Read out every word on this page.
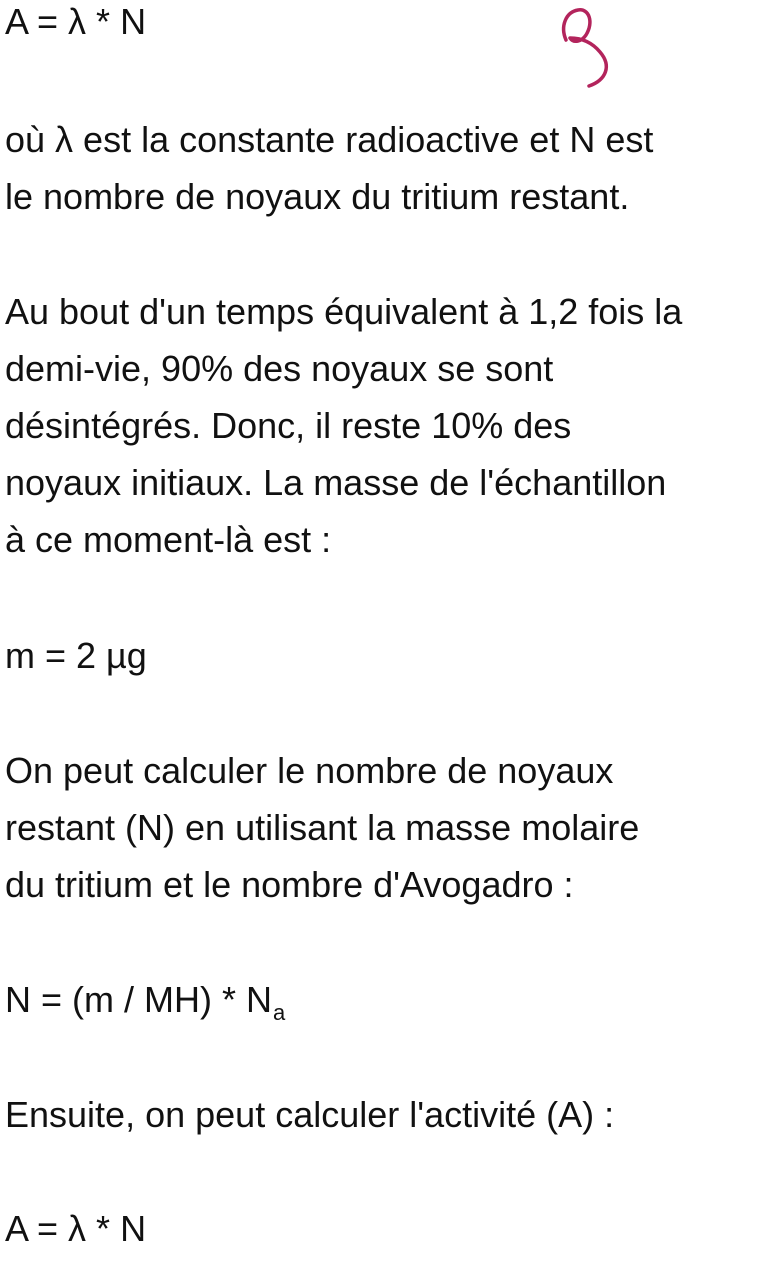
A = λ * N
où λ est la constante radioactive et N est
le nombre de noyaux du tritium restant.
Au bout d'un temps équivalent à 1,2 fois la
demi-vie, 90% des noyaux se sont
désintégrés. Donc, il reste 10% des
noyaux initiaux. La masse de l'échantillon
à ce moment-là est :
m = 2 µg
On peut calculer le nombre de noyaux
restant (N) en utilisant la masse molaire
du tritium et le nombre d'Avogadro :
$N = (m / MH) * N_a$
Ensuite, on peut calculer l'activité (A) :
A = λ * N
